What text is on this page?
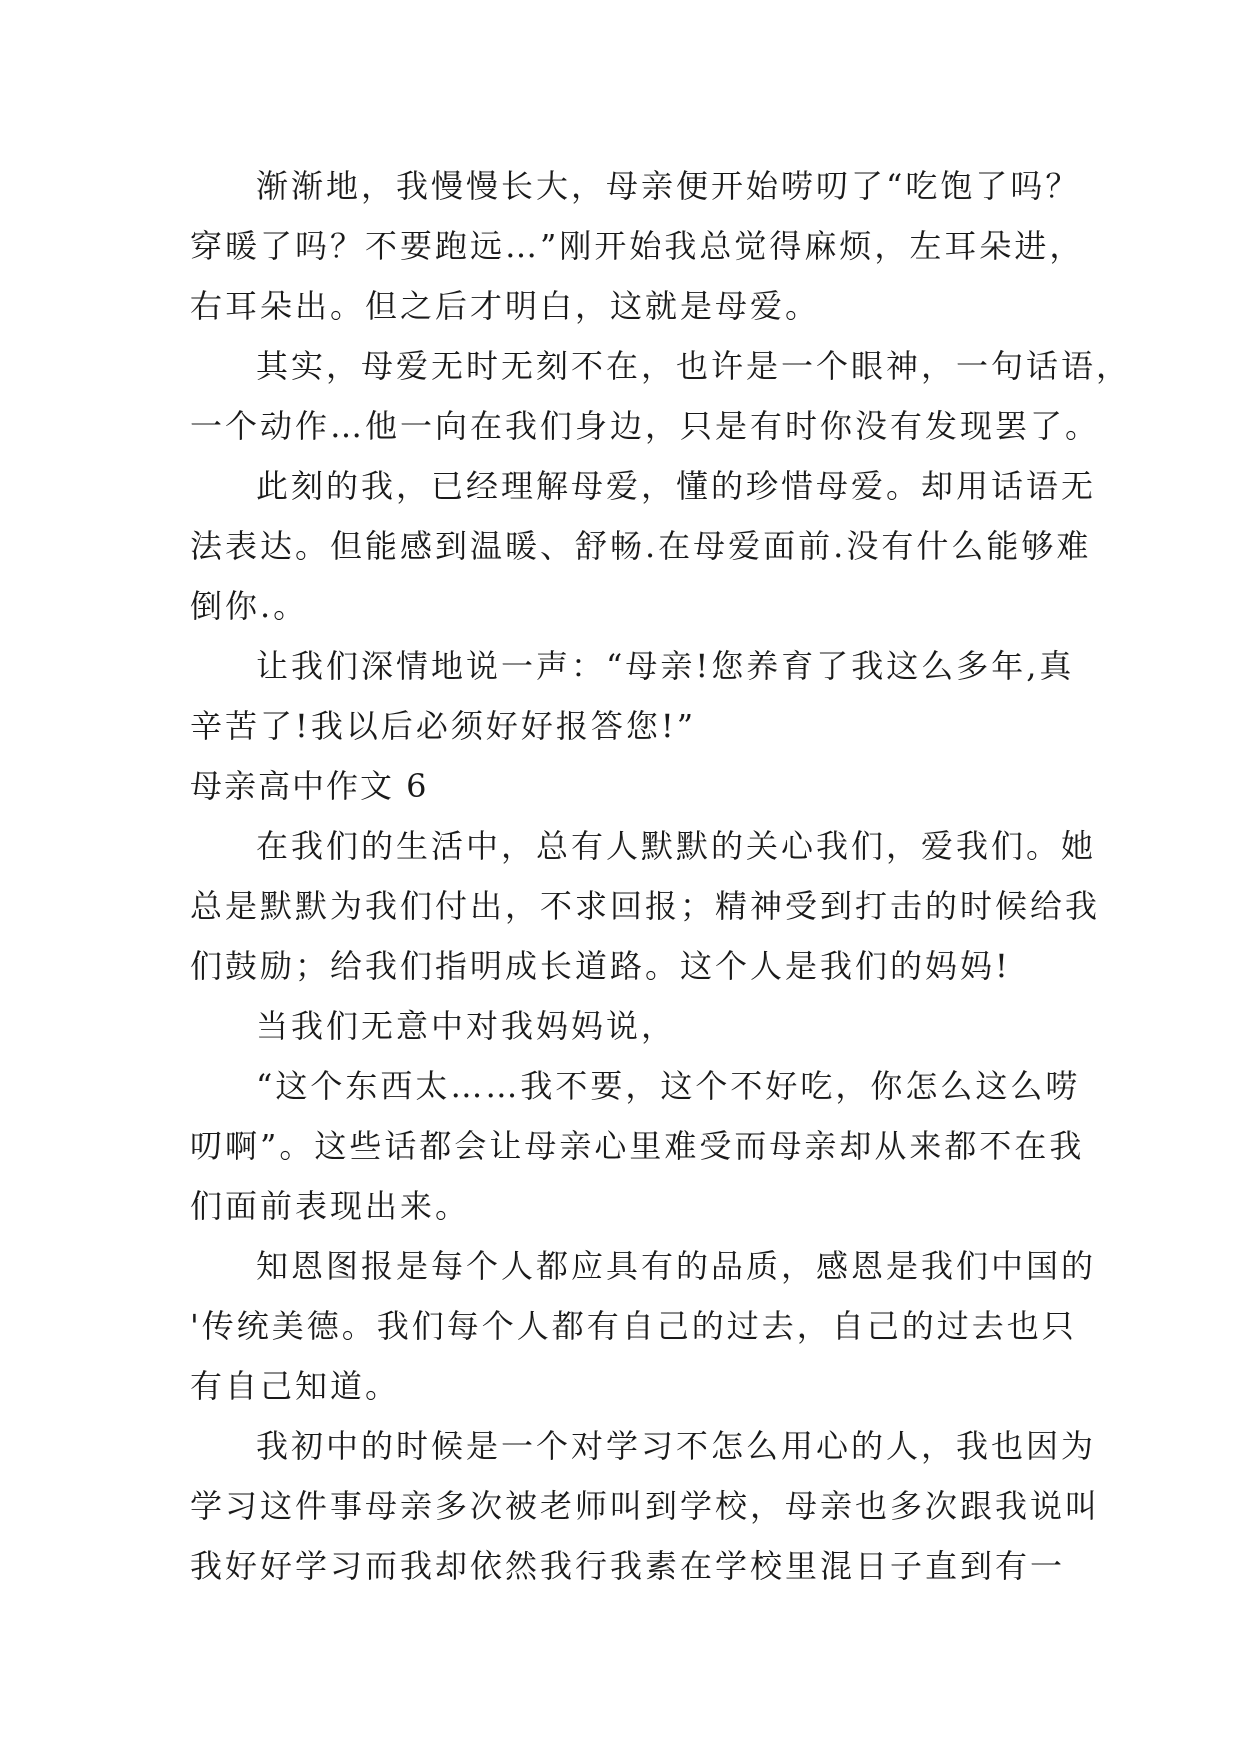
渐渐地，我慢慢长大，母亲便开始唠叨了“吃饱了吗？
穿暖了吗？不要跑远…”刚开始我总觉得麻烦，左耳朵进，
右耳朵出。但之后才明白，这就是母爱。
其实，母爱无时无刻不在，也许是一个眼神，一句话语，
一个动作…他一向在我们身边，只是有时你没有发现罢了。
此刻的我，已经理解母爱，懂的珍惜母爱。却用话语无
法表达。但能感到温暖、舒畅.在母爱面前.没有什么能够难
倒你.。
让我们深情地说一声：“母亲!您养育了我这么多年,真
辛苦了!我以后必须好好报答您!”
母亲高中作文 6
在我们的生活中，总有人默默的关心我们，爱我们。她
总是默默为我们付出，不求回报；精神受到打击的时候给我
们鼓励；给我们指明成长道路。这个人是我们的妈妈!
当我们无意中对我妈妈说，
“这个东西太……我不要，这个不好吃，你怎么这么唠
叨啊”。这些话都会让母亲心里难受而母亲却从来都不在我
们面前表现出来。
知恩图报是每个人都应具有的品质，感恩是我们中国的
'传统美德。我们每个人都有自己的过去，自己的过去也只
有自己知道。
我初中的时候是一个对学习不怎么用心的人，我也因为
学习这件事母亲多次被老师叫到学校，母亲也多次跟我说叫
我好好学习而我却依然我行我素在学校里混日子直到有一
